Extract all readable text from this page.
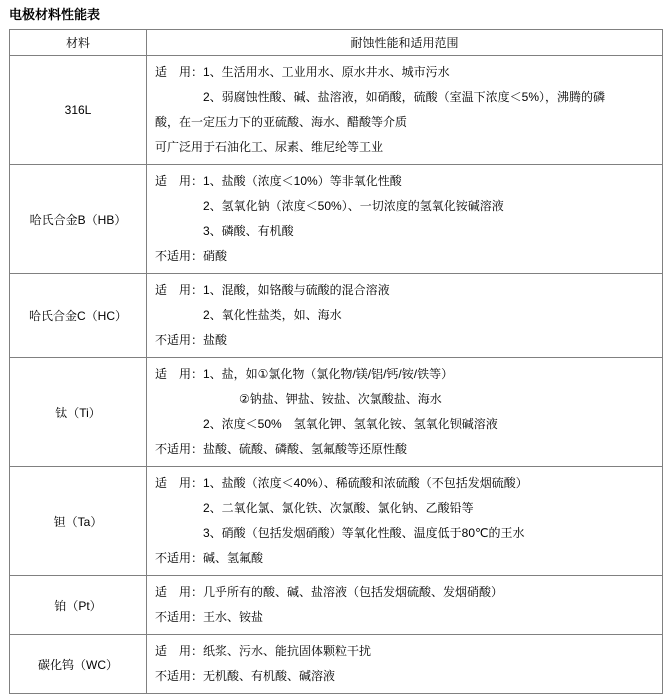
电极材料性能表
材料	耐蚀性能和适用范围
316L	适　用：1、生活用水、工业用水、原水井水、城市污水
　　　　2、弱腐蚀性酸、碱、盐溶液，如硝酸，硫酸（室温下浓度＜5%），沸腾的磷
酸，在一定压力下的亚硫酸、海水、醋酸等介质
可广泛用于石油化工、尿素、维尼纶等工业

哈氏合金B（HB）	适　用：1、盐酸（浓度＜10%）等非氧化性酸
　　　　2、氢氧化钠（浓度＜50%）、一切浓度的氢氧化铵碱溶液
　　　　3、磷酸、有机酸
不适用：硝酸

哈氏合金C（HC）	适　用：1、混酸，如铬酸与硫酸的混合溶液
　　　　2、氧化性盐类，如、海水
不适用：盐酸

钛（Ti）	适　用：1、盐，如①氯化物（氯化物/镁/铝/钙/铵/铁等）
　　　　　　　②钠盐、钾盐、铵盐、次氯酸盐、海水
　　　　2、浓度＜50%　氢氧化钾、氢氧化铵、氢氧化钡碱溶液
不适用：盐酸、硫酸、磷酸、氢氟酸等还原性酸

钽（Ta）	适　用：1、盐酸（浓度＜40%）、稀硫酸和浓硫酸（不包括发烟硫酸）
　　　　2、二氧化氯、氯化铁、次氯酸、氯化钠、乙酸铅等
　　　　3、硝酸（包括发烟硝酸）等氧化性酸、温度低于80℃的王水
不适用：碱、氢氟酸

铂（Pt）	适　用：几乎所有的酸、碱、盐溶液（包括发烟硫酸、发烟硝酸）
不适用：王水、铵盐

碳化钨（WC）	适　用：纸浆、污水、能抗固体颗粒干扰
不适用：无机酸、有机酸、碱溶液
